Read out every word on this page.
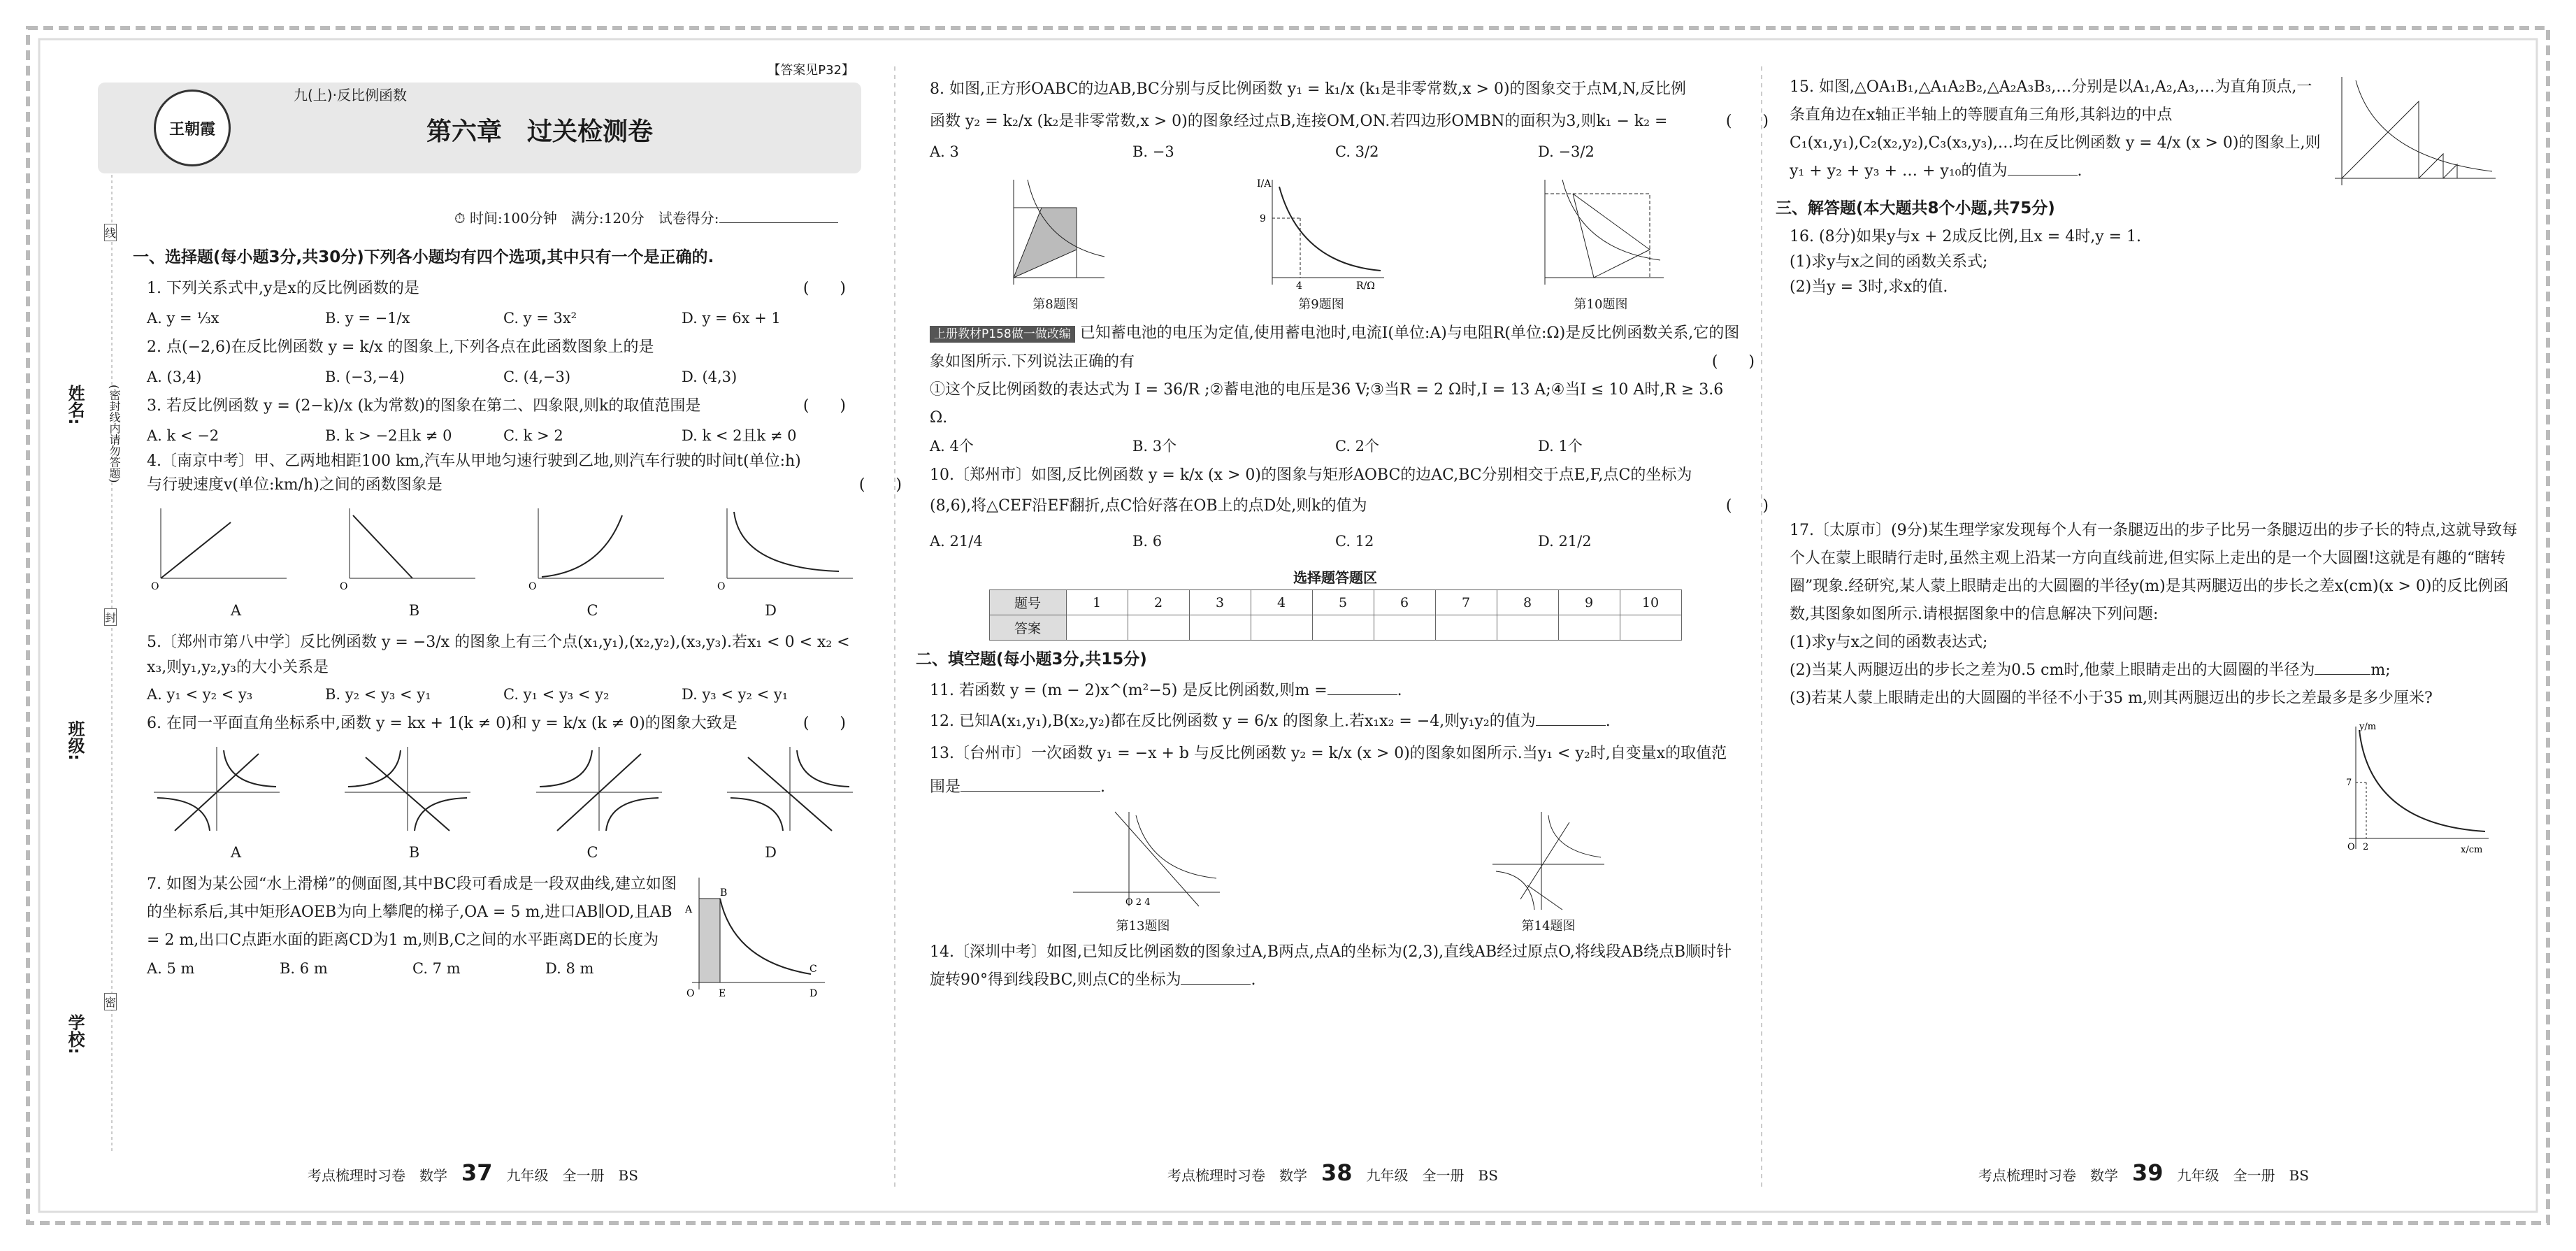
姓名:
班级:
学校:
线
(密封线内请勿答题)
封
密
王朝霞
九(上)·反比例函数
【答案见P32】
第六章　过关检测卷
⏱ 时间:100分钟　满分:120分　试卷得分:
一、选择题(每小题3分,共30分)下列各小题均有四个选项,其中只有一个是正确的.
1. 下列关系式中,y是x的反比例函数的是	(　　)
A. y = ⅓x	B. y = −1/x	C. y = 3x²	D. y = 6x + 1
2. 点(−2,6)在反比例函数 y = k/x 的图象上,下列各点在此函数图象上的是
A. (3,4)	B. (−3,−4)	C. (4,−3)	D. (4,3)
3. 若反比例函数 y = (2−k)/x (k为常数)的图象在第二、四象限,则k的取值范围是	(　　)
A. k < −2	B. k > −2且k ≠ 0	C. k > 2	D. k < 2且k ≠ 0
4.〔南京中考〕甲、乙两地相距100 km,汽车从甲地匀速行驶到乙地,则汽车行驶的时间t(单位:h)与行驶速度v(单位:km/h)之间的函数图象是	(　　)
O	O	O	O
A	B	C	D
5.〔郑州市第八中学〕反比例函数 y = −3/x 的图象上有三个点(x₁,y₁),(x₂,y₂),(x₃,y₃).若x₁ < 0 < x₂ < x₃,则y₁,y₂,y₃的大小关系是
A. y₁ < y₂ < y₃	B. y₂ < y₃ < y₁	C. y₁ < y₃ < y₂	D. y₃ < y₂ < y₁
6. 在同一平面直角坐标系中,函数 y = kx + 1(k ≠ 0)和 y = k/x (k ≠ 0)的图象大致是	(　　)
A	B	C	D
7. 如图为某公园“水上滑梯”的侧面图,其中BC段可看成是一段双曲线,建立如图的坐标系后,其中矩形AOEB为向上攀爬的梯子,OA = 5 m,进口AB∥OD,且AB = 2 m,出口C点距水面的距离CD为1 m,则B,C之间的水平距离DE的长度为
A. 5 m	B. 6 m	C. 7 m	D. 8 m
A
B
C
O E	D
8. 如图,正方形OABC的边AB,BC分别与反比例函数 y₁ = k₁/x (k₁是非零常数,x > 0)的图象交于点M,N,反比例函数 y₂ = k₂/x (k₂是非零常数,x > 0)的图象经过点B,连接OM,ON.若四边形OMBN的面积为3,则k₁ − k₂ =	(　　)
A. 3	B. −3	C. 3/2	D. −3/2
第8题图
I/A
9
4	R/Ω
第9题图	第10题图
上册教材P158做一做改编 已知蓄电池的电压为定值,使用蓄电池时,电流I(单位:A)与电阻R(单位:Ω)是反比例函数关系,它的图象如图所示.下列说法正确的有	(　　)
①这个反比例函数的表达式为 I = 36/R ;②蓄电池的电压是36 V;③当R = 2 Ω时,I = 13 A;④当I ≤ 10 A时,R ≥ 3.6 Ω.
A. 4个	B. 3个	C. 2个	D. 1个
10.〔郑州市〕如图,反比例函数 y = k/x (x > 0)的图象与矩形AOBC的边AC,BC分别相交于点E,F,点C的坐标为(8,6),将△CEF沿EF翻折,点C恰好落在OB上的点D处,则k的值为	(　　)
A. 21/4	B. 6	C. 12	D. 21/2
选择题答题区
题号	1	2	3	4	5	6	7	8	9	10
答案										
二、填空题(每小题3分,共15分)
11. 若函数 y = (m − 2)x^(m²−5) 是反比例函数,则m =	.
12. 已知A(x₁,y₁),B(x₂,y₂)都在反比例函数 y = 6/x 的图象上.若x₁x₂ = −4,则y₁y₂的值为	.
13.〔台州市〕一次函数 y₁ = −x + b 与反比例函数 y₂ = k/x (x > 0)的图象如图所示.当y₁ < y₂时,自变量x的取值范围是	.
O 2 4
第13题图	第14题图
14.〔深圳中考〕如图,已知反比例函数的图象过A,B两点,点A的坐标为(2,3),直线AB经过原点O,将线段AB绕点B顺时针旋转90°得到线段BC,则点C的坐标为	.
15. 如图,△OA₁B₁,△A₁A₂B₂,△A₂A₃B₃,…分别是以A₁,A₂,A₃,…为直角顶点,一条直角边在x轴正半轴上的等腰直角三角形,其斜边的中点C₁(x₁,y₁),C₂(x₂,y₂),C₃(x₃,y₃),…均在反比例函数 y = 4/x (x > 0)的图象上,则y₁ + y₂ + y₃ + … + y₁₀的值为	.
三、解答题(本大题共8个小题,共75分)
16. (8分)如果y与x + 2成反比例,且x = 4时,y = 1.
(1)求y与x之间的函数关系式;
(2)当y = 3时,求x的值.
17.〔太原市〕(9分)某生理学家发现每个人有一条腿迈出的步子比另一条腿迈出的步子长的特点,这就导致每个人在蒙上眼睛行走时,虽然主观上沿某一方向直线前进,但实际上走出的是一个大圆圈!这就是有趣的“瞎转圈”现象.经研究,某人蒙上眼睛走出的大圆圈的半径y(m)是其两腿迈出的步长之差x(cm)(x > 0)的反比例函数,其图象如图所示.请根据图象中的信息解决下列问题:
(1)求y与x之间的函数表达式;
(2)当某人两腿迈出的步长之差为0.5 cm时,他蒙上眼睛走出的大圆圈的半径为	m;
(3)若某人蒙上眼睛走出的大圆圈的半径不小于35 m,则其两腿迈出的步长之差最多是多少厘米?
y/m
7
O 2	x/cm
考点梳理时习卷　数学　 37　 九年级　全一册　BS	考点梳理时习卷　数学　 38　 九年级　全一册　BS	考点梳理时习卷　数学　 39　 九年级　全一册　BS
